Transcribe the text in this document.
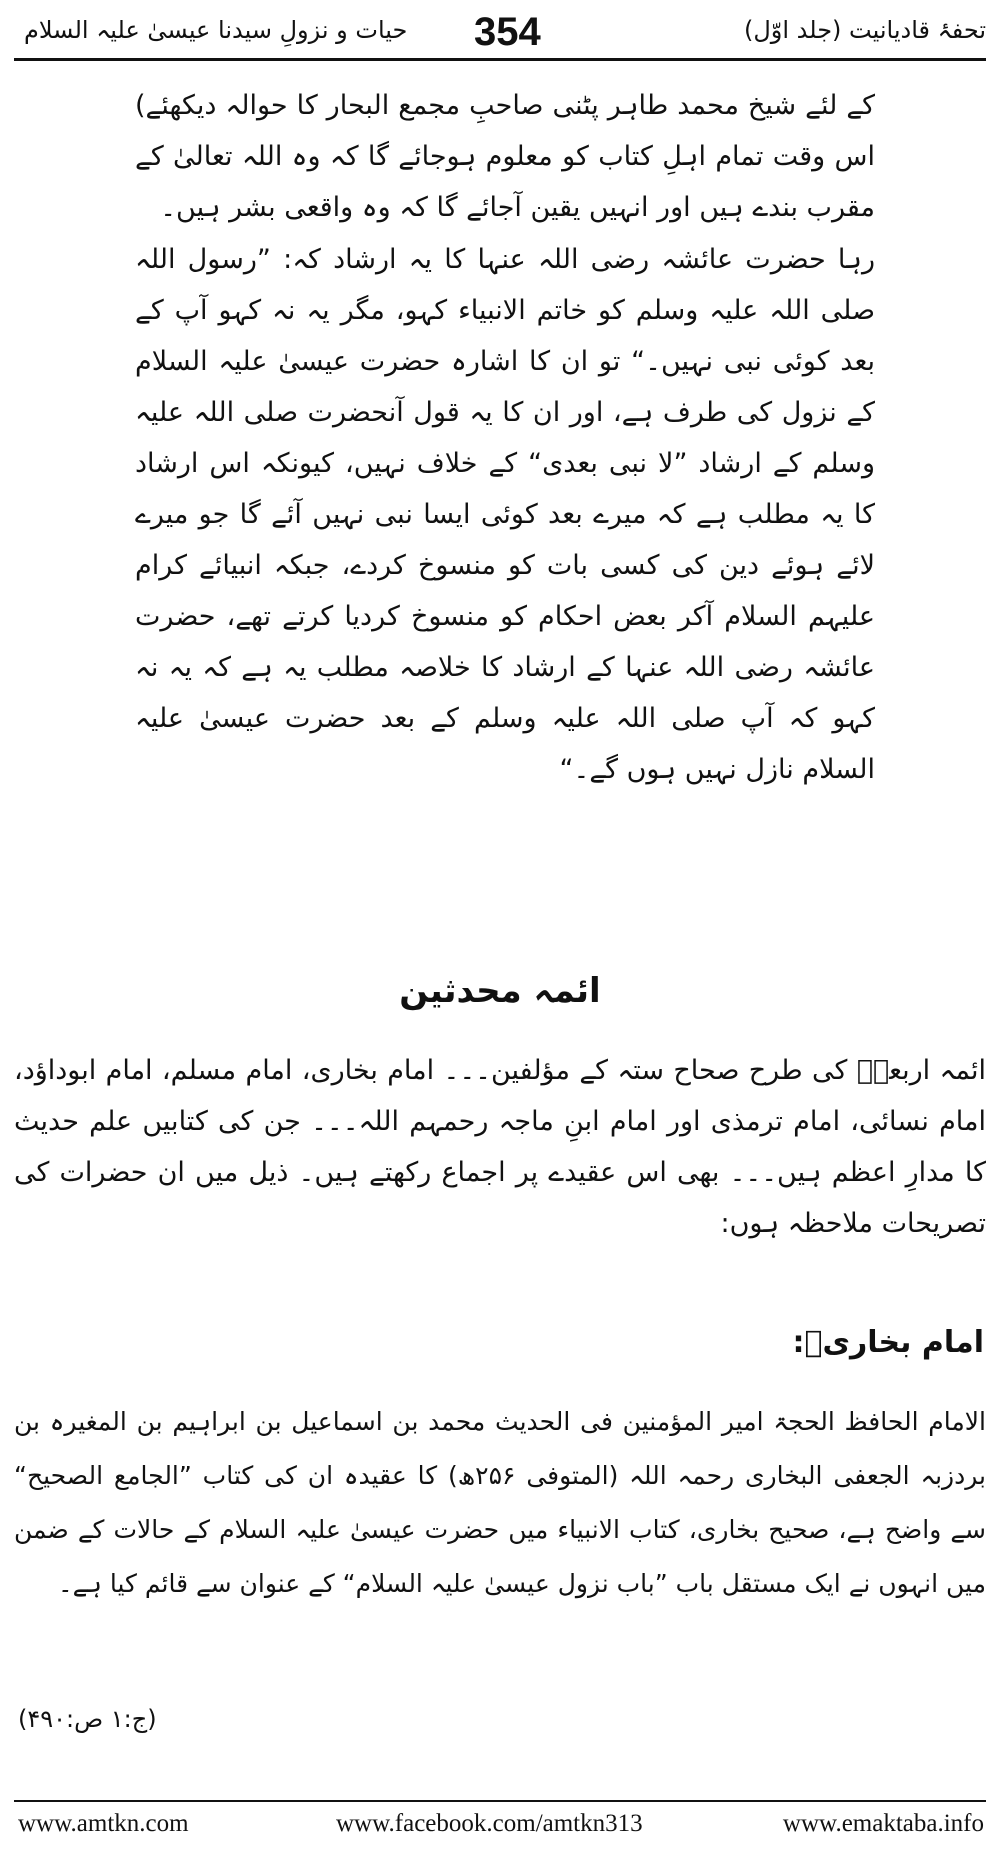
تحفۂ قادیانیت (جلد اوّل)
354
حیات و نزولِ سیدنا عیسیٰ علیہ السلام

کے لئے شیخ محمد طاہر پٹنی صاحبِ مجمع البحار کا حوالہ دیکھئے) اس وقت تمام اہلِ کتاب کو معلوم ہوجائے گا کہ وہ اللہ تعالیٰ کے مقرب بندے ہیں اور انہیں یقین آجائے گا کہ وہ واقعی بشر ہیں۔

رہا حضرت عائشہ رضی اللہ عنہا کا یہ ارشاد کہ: ”رسول اللہ صلی اللہ علیہ وسلم کو خاتم الانبیاء کہو، مگر یہ نہ کہو آپ کے بعد کوئی نبی نہیں۔“ تو ان کا اشارہ حضرت عیسیٰ علیہ السلام کے نزول کی طرف ہے، اور ان کا یہ قول آنحضرت صلی اللہ علیہ وسلم کے ارشاد ”لا نبی بعدی“ کے خلاف نہیں، کیونکہ اس ارشاد کا یہ مطلب ہے کہ میرے بعد کوئی ایسا نبی نہیں آئے گا جو میرے لائے ہوئے دین کی کسی بات کو منسوخ کردے، جبکہ انبیائے کرام علیہم السلام آکر بعض احکام کو منسوخ کردیا کرتے تھے، حضرت عائشہ رضی اللہ عنہا کے ارشاد کا خلاصہ مطلب یہ ہے کہ یہ نہ کہو کہ آپ صلی اللہ علیہ وسلم کے بعد حضرت عیسیٰ علیہ السلام نازل نہیں ہوں گے۔“

ائمہ محدثین

ائمہ اربعہؒ کی طرح صحاح ستہ کے مؤلفین۔۔۔ امام بخاری، امام مسلم، امام ابوداؤد، امام نسائی، امام ترمذی اور امام ابنِ ماجہ رحمہم اللہ۔۔۔ جن کی کتابیں علم حدیث کا مدارِ اعظم ہیں۔۔۔ بھی اس عقیدے پر اجماع رکھتے ہیں۔ ذیل میں ان حضرات کی تصریحات ملاحظہ ہوں:

امام بخاریؒ:

الامام الحافظ الحجۃ امیر المؤمنین فی الحدیث محمد بن اسماعیل بن ابراہیم بن المغیرہ بن بردزبہ الجعفی البخاری رحمہ اللہ (المتوفی ۲۵۶ھ) کا عقیدہ ان کی کتاب ”الجامع الصحیح“ سے واضح ہے، صحیح بخاری، کتاب الانبیاء میں حضرت عیسیٰ علیہ السلام کے حالات کے ضمن میں انہوں نے ایک مستقل باب ”باب نزول عیسیٰ علیہ السلام“ کے عنوان سے قائم کیا ہے۔

(ج:۱ ص:۴۹۰)
www.amtkn.com	www.facebook.com/amtkn313	www.emaktaba.info
